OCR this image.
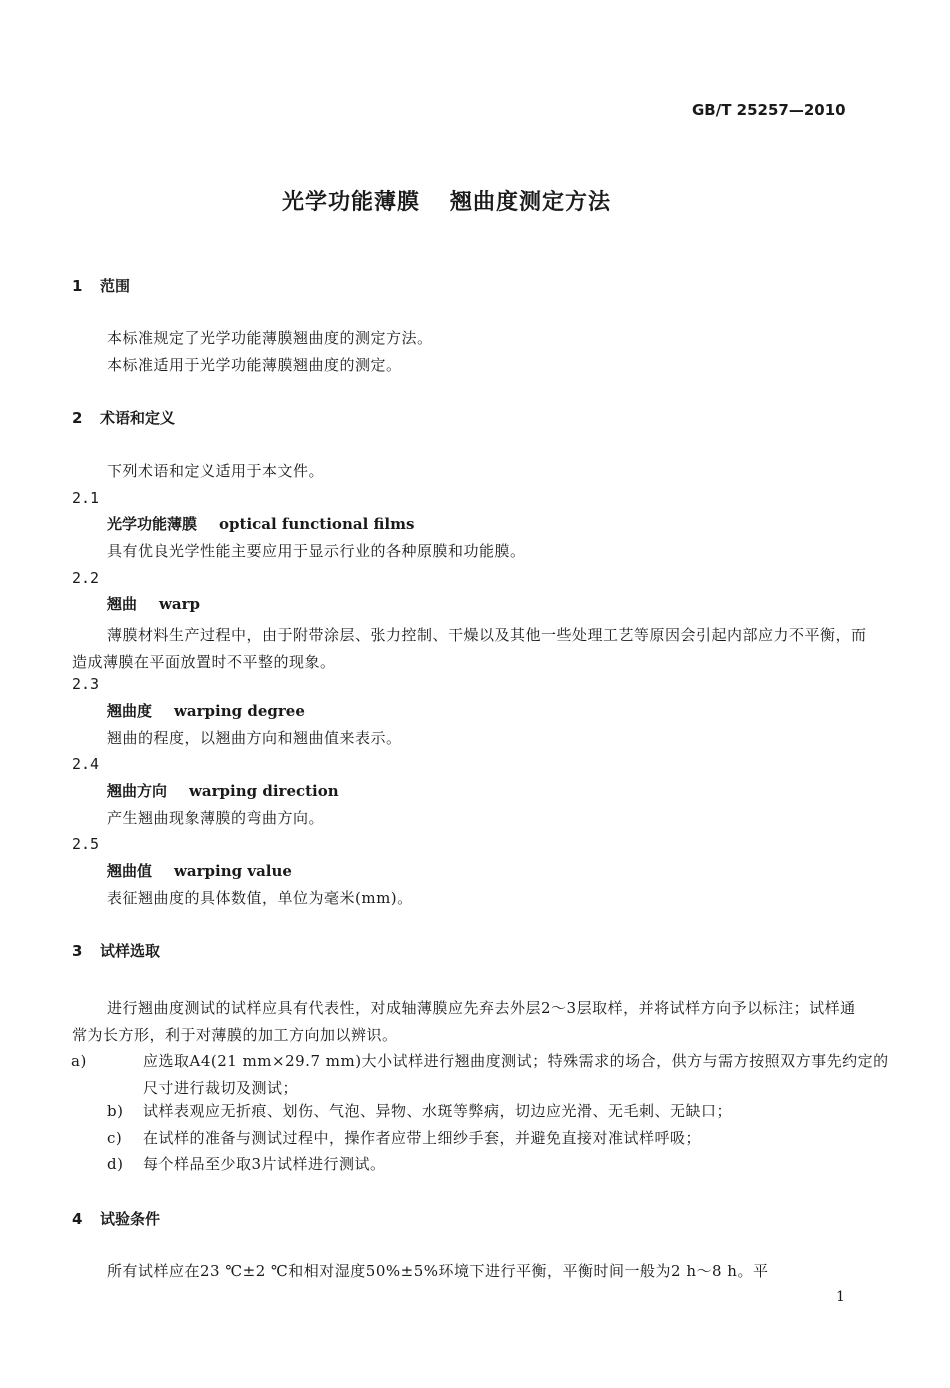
GB/T 25257—2010
光学功能薄膜 翘曲度测定方法
1 范围
本标准规定了光学功能薄膜翘曲度的测定方法。
本标准适用于光学功能薄膜翘曲度的测定。
2 术语和定义
下列术语和定义适用于本文件。
2.1
光学功能薄膜 optical functional films
具有优良光学性能主要应用于显示行业的各种原膜和功能膜。
2.2
翘曲 warp
薄膜材料生产过程中，由于附带涂层、张力控制、干燥以及其他一些处理工艺等原因会引起内部应力不平衡，而造成薄膜在平面放置时不平整的现象。
2.3
翘曲度 warping degree
翘曲的程度，以翘曲方向和翘曲值来表示。
2.4
翘曲方向 warping direction
产生翘曲现象薄膜的弯曲方向。
2.5
翘曲值 warping value
表征翘曲度的具体数值，单位为毫米(mm)。
3 试样选取
进行翘曲度测试的试样应具有代表性，对成轴薄膜应先弃去外层2～3层取样，并将试样方向予以标注；试样通常为长方形，利于对薄膜的加工方向加以辨识。
a)	应选取A4(21 mm×29.7 mm)大小试样进行翘曲度测试；特殊需求的场合，供方与需方按照双方事先约定的尺寸进行裁切及测试；
b) 试样表观应无折痕、划伤、气泡、异物、水斑等弊病，切边应光滑、无毛刺、无缺口；
c) 在试样的准备与测试过程中，操作者应带上细纱手套，并避免直接对准试样呼吸；
d) 每个样品至少取3片试样进行测试。
4 试验条件
所有试样应在23 ℃±2 ℃和相对湿度50%±5%环境下进行平衡，平衡时间一般为2 h～8 h。平
1
